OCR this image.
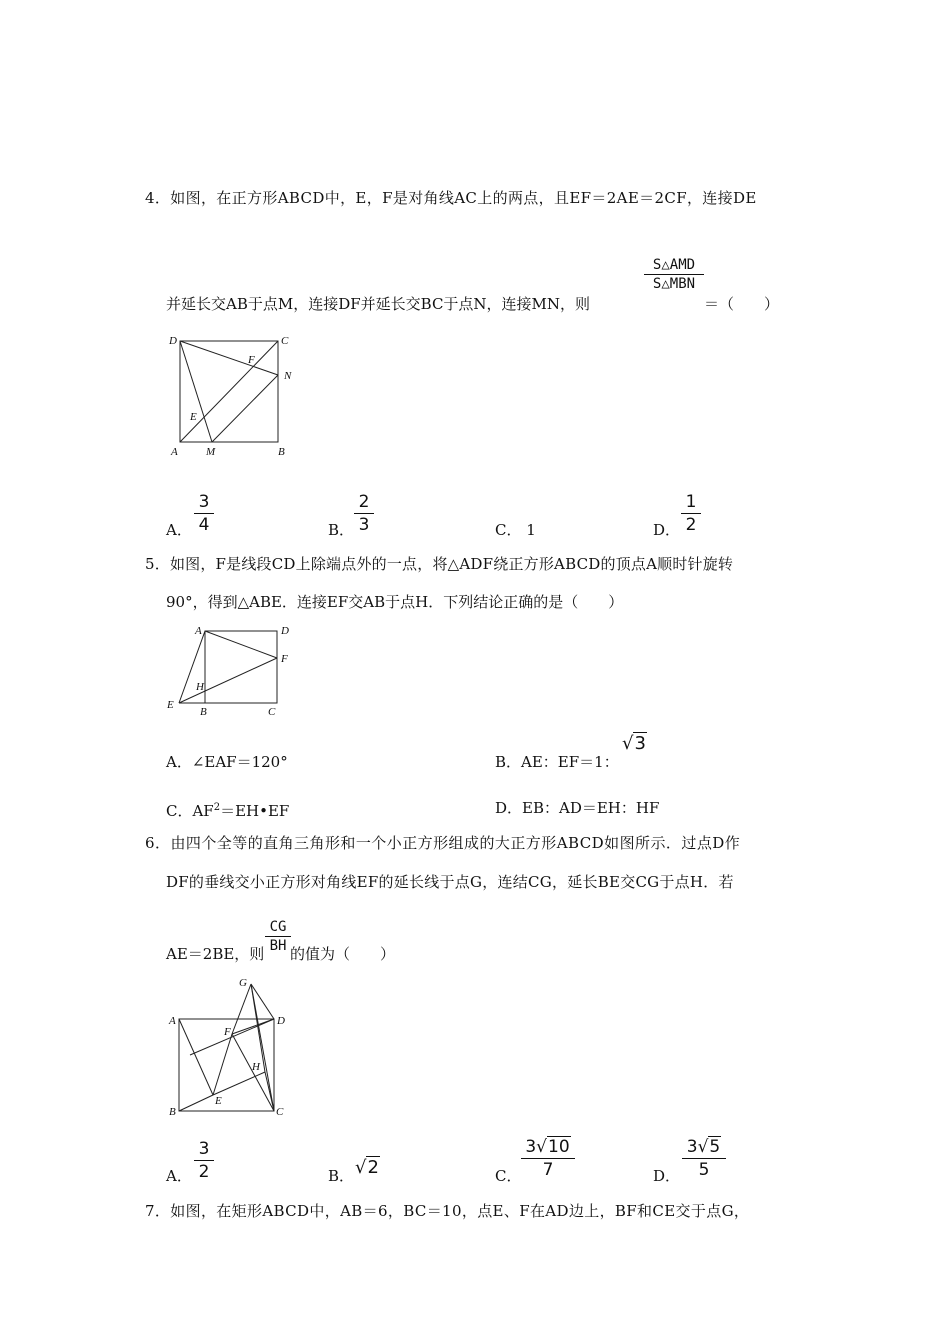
4．如图，在正方形ABCD中，E，F是对角线AC上的两点，且EF＝2AE＝2CF，连接DE
并延长交AB于点M，连接DF并延长交BC于点N，连接MN，则
S△AMD
S△MBN
＝（　　）
D	C
F
N
E
A	M	B
A．
3
4	B．
2
3	C． 1	D．
1
2
5．如图，F是线段CD上除端点外的一点，将△ADF绕正方形ABCD的顶点A顺时针旋转
90°，得到△ABE．连接EF交AB于点H．下列结论正确的是（　　）
A	D
F
H
E
B	C
A．∠EAF＝120°	B．AE：EF＝1：
√3
C．$AF^2=EH•EF$	D．EB：AD＝EH：HF
6．由四个全等的直角三角形和一个小正方形组成的大正方形ABCD如图所示．过点D作
DF的垂线交小正方形对角线EF的延长线于点G，连结CG，延长BE交CG于点H．若
AE＝2BE，则
CG
BH 的值为（　　）
G
A	D
F
H
B
E
C
A．
3
2	B． √2	C．
3√10
7	D．
3√5
5
7．如图，在矩形ABCD中，AB＝6，BC＝10，点E、F在AD边上，BF和CE交于点G，
